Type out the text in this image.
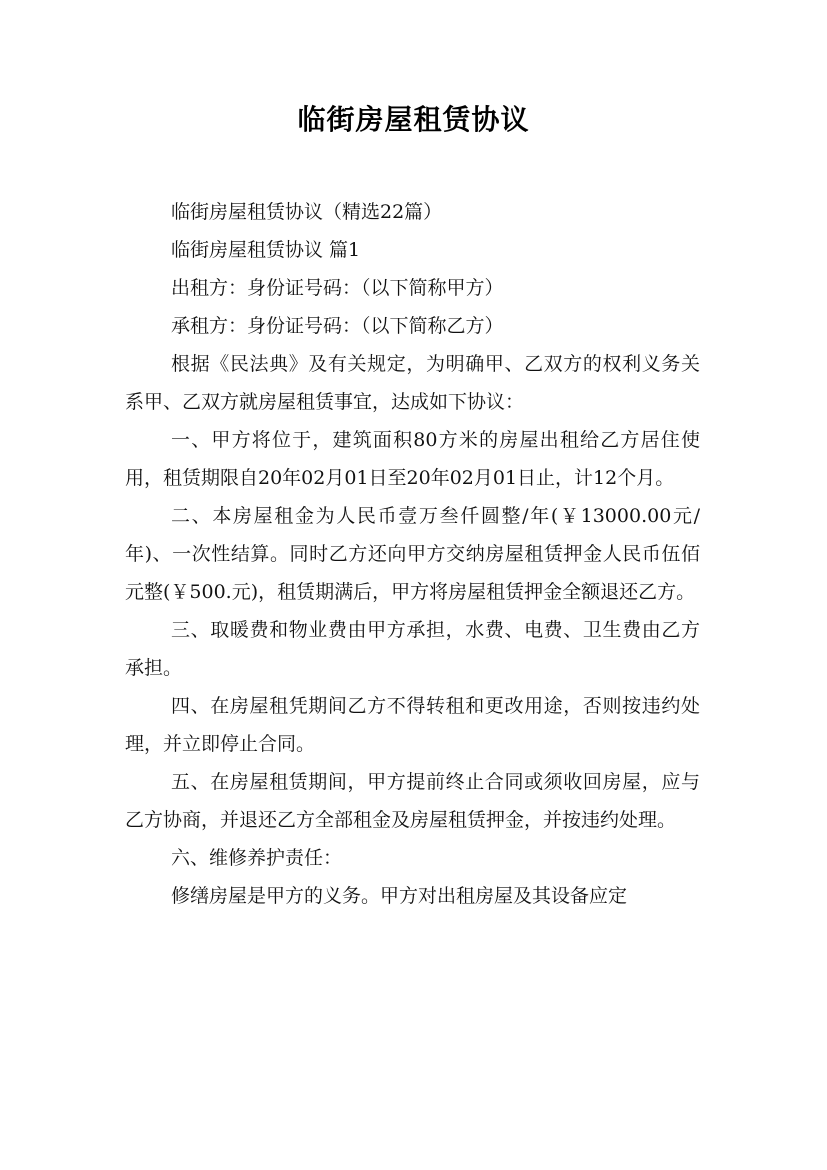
临街房屋租赁协议

临街房屋租赁协议（精选22篇）

临街房屋租赁协议 篇1

出租方：身份证号码：（以下简称甲方）

承租方：身份证号码：（以下简称乙方）

根据《民法典》及有关规定，为明确甲、乙双方的权利义务关系甲、乙双方就房屋租赁事宜，达成如下协议：

一、甲方将位于，建筑面积80方米的房屋出租给乙方居住使用，租赁期限自20年02月01日至20年02月01日止，计12个月。

二、本房屋租金为人民币壹万叁仟圆整/年(￥13000.00元/年)、一次性结算。同时乙方还向甲方交纳房屋租赁押金人民币伍佰元整(￥500.元)，租赁期满后，甲方将房屋租赁押金全额退还乙方。

三、取暖费和物业费由甲方承担，水费、电费、卫生费由乙方承担。

四、在房屋租凭期间乙方不得转租和更改用途，否则按违约处理，并立即停止合同。

五、在房屋租赁期间，甲方提前终止合同或须收回房屋，应与乙方协商，并退还乙方全部租金及房屋租赁押金，并按违约处理。

六、维修养护责任：

修缮房屋是甲方的义务。甲方对出租房屋及其设备应定
